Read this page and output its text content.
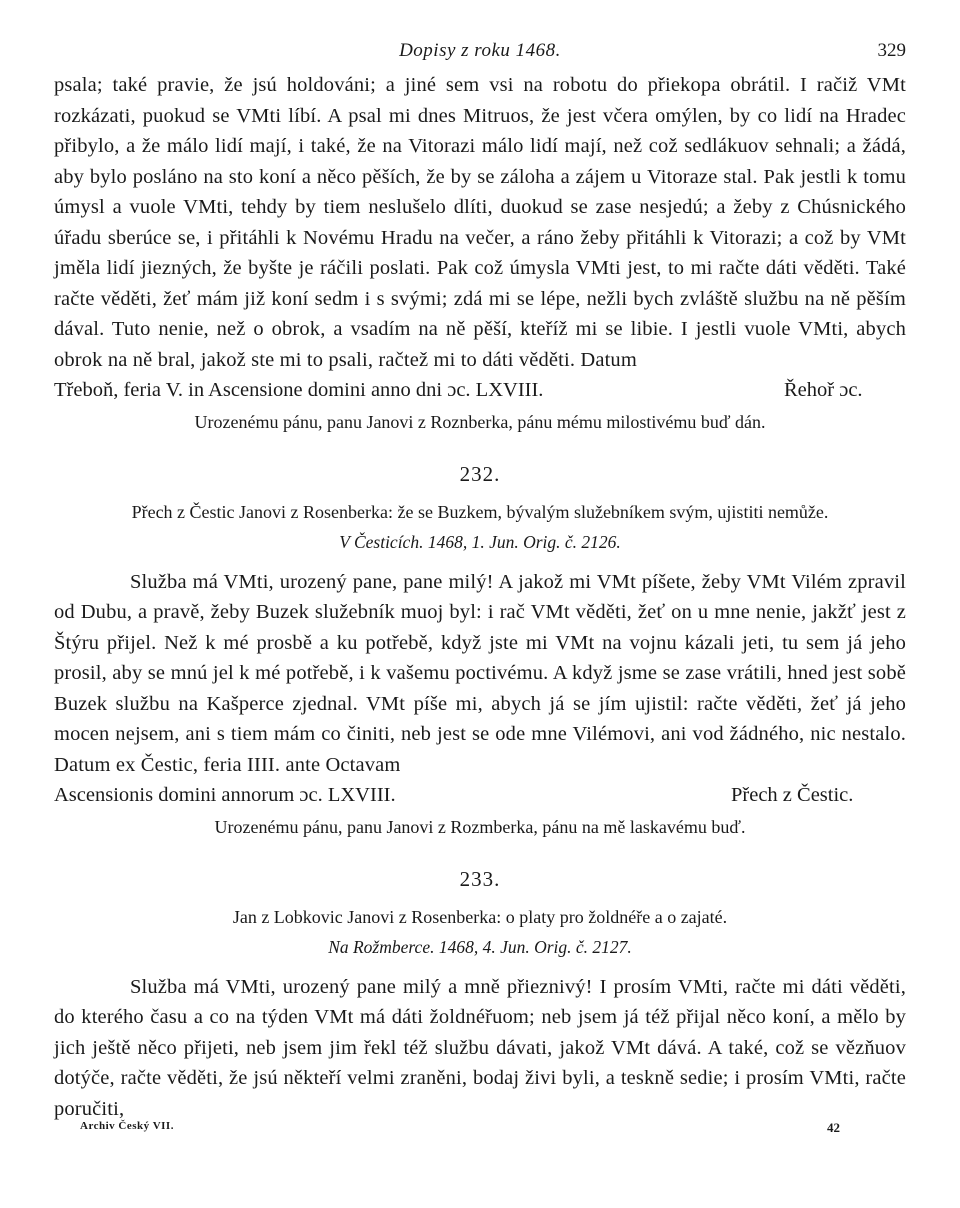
Dopisy z roku 1468.	329

psala; také pravie, že jsú holdováni; a jiné sem vsi na robotu do přiekopa obrátil. I račiž VMt rozkázati, puokud se VMti líbí. A psal mi dnes Mitruos, že jest včera omýlen, by co lidí na Hradec přibylo, a že málo lidí mají, i také, že na Vitorazi málo lidí mají, než což sedlákuov sehnali; a žádá, aby bylo posláno na sto koní a něco pěších, že by se záloha a zájem u Vitoraze stal. Pak jestli k tomu úmysl a vuole VMti, tehdy by tiem neslušelo dlíti, duokud se zase nesjedú; a žeby z Chúsnického úřadu sberúce se, i přitáhli k Novému Hradu na večer, a ráno žeby přitáhli k Vitorazi; a což by VMt jměla lidí jiezných, že byšte je ráčili poslati. Pak což úmysla VMti jest, to mi račte dáti věděti. Také račte věděti, žeť mám již koní sedm i s svými; zdá mi se lépe, nežli bych zvláště službu na ně pěším dával. Tuto nenie, než o obrok, a vsadím na ně pěší, kteříž mi se libie. I jestli vuole VMti, abych obrok na ně bral, jakož ste mi to psali, račtež mi to dáti věděti. Datum

Třeboň, feria V. in Ascensione domini anno dni ɔc. LXVIII.	Řehoř ɔc.

Urozenému pánu, panu Janovi z Roznberka, pánu mému milostivému buď dán.

232.

Přech z Čestic Janovi z Rosenberka: že se Buzkem, bývalým služebníkem svým, ujistiti nemůže.

V Česticích. 1468, 1. Jun. Orig. č. 2126.

Služba má VMti, urozený pane, pane milý! A jakož mi VMt píšete, žeby VMt Vilém zpravil od Dubu, a pravě, žeby Buzek služebník muoj byl: i rač VMt věděti, žeť on u mne nenie, jakžť jest z Štýru přijel. Než k mé prosbě a ku potřebě, když jste mi VMt na vojnu kázali jeti, tu sem já jeho prosil, aby se mnú jel k mé potřebě, i k vašemu poctivému. A když jsme se zase vrátili, hned jest sobě Buzek službu na Kašperce zjednal. VMt píše mi, abych já se jím ujistil: račte věděti, žeť já jeho mocen nejsem, ani s tiem mám co činiti, neb jest se ode mne Vilémovi, ani vod žádného, nic nestalo. Datum ex Čestic, feria IIII. ante Octavam

Ascensionis domini annorum ɔc. LXVIII.	Přech z Čestic.

Urozenému pánu, panu Janovi z Rozmberka, pánu na mě laskavému buď.

233.

Jan z Lobkovic Janovi z Rosenberka: o platy pro žoldnéře a o zajaté.

Na Rožmberce. 1468, 4. Jun. Orig. č. 2127.

Služba má VMti, urozený pane milý a mně přieznivý! I prosím VMti, račte mi dáti věděti, do kterého času a co na týden VMt má dáti žoldnéřuom; neb jsem já též přijal něco koní, a mělo by jich ještě něco přijeti, neb jsem jim řekl též službu dávati, jakož VMt dává. A také, což se vězňuov dotýče, račte věděti, že jsú někteří velmi zraněni, bodaj živi byli, a teskně sedie; i prosím VMti, račte poručiti,

Archiv Český VII.	42
